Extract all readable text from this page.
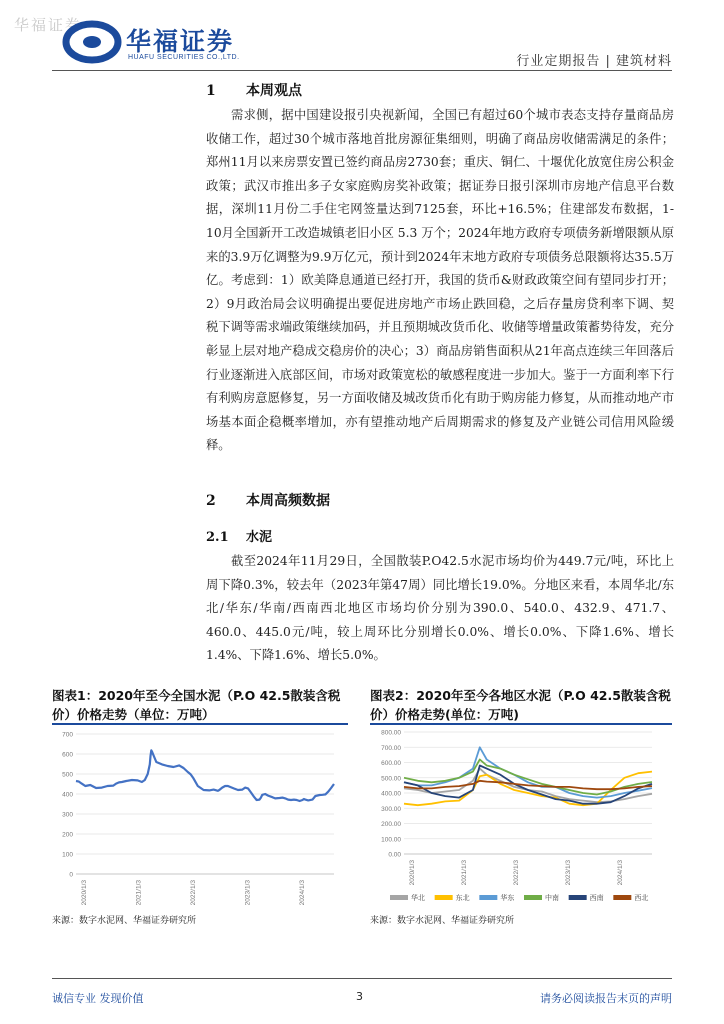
华福证券
华福证券
HUAFU SECURITIES CO.,LTD.	行业定期报告 | 建筑材料
1 本周观点
需求侧，据中国建设报引央视新闻，全国已有超过60个城市表态支持存量商品房收储工作，超过30个城市落地首批房源征集细则，明确了商品房收储需满足的条件；郑州11月以来房票安置已签约商品房2730套；重庆、铜仁、十堰优化放宽住房公积金政策；武汉市推出多子女家庭购房奖补政策；据证券日报引深圳市房地产信息平台数据，深圳11月份二手住宅网签量达到7125套，环比+16.5%；住建部发布数据，1-10月全国新开工改造城镇老旧小区 5.3 万个；2024年地方政府专项债务新增限额从原来的3.9万亿调整为9.9万亿元，预计到2024年末地方政府专项债务总限额将达35.5万亿。考虑到：1）欧美降息通道已经打开，我国的货币&财政政策空间有望同步打开；2）9月政治局会议明确提出要促进房地产市场止跌回稳，之后存量房贷利率下调、契税下调等需求端政策继续加码，并且预期城改货币化、收储等增量政策蓄势待发，充分彰显上层对地产稳成交稳房价的决心；3）商品房销售面积从21年高点连续三年回落后行业逐渐进入底部区间，市场对政策宽松的敏感程度进一步加大。鉴于一方面利率下行有利购房意愿修复，另一方面收储及城改货币化有助于购房能力修复，从而推动地产市场基本面企稳概率增加，亦有望推动地产后周期需求的修复及产业链公司信用风险缓释。
2 本周高频数据
2.1 水泥
截至2024年11月29日，全国散装P.O42.5水泥市场均价为449.7元/吨，环比上周下降0.3%，较去年（2023年第47周）同比增长19.0%。分地区来看，本周华北/东北/华东/华南/西南西北地区市场均价分别为390.0、540.0、432.9、471.7、460.0、445.0元/吨，较上周环比分别增长0.0%、增长0.0%、下降1.6%、增长1.4%、下降1.6%、增长5.0%。
图表1：2020年至今全国水泥（P.O 42.5散装含税价）价格走势（单位：万吨）
0
100
200
300
400
500
600
700
2020/1/3	2021/1/3	2022/1/3	2023/1/3	2024/1/3
来源：数字水泥网、华福证券研究所
图表2：2020年至今各地区水泥（P.O 42.5散装含税价）价格走势(单位：万吨)
0.00
100.00
200.00
300.00
400.00
500.00
600.00
700.00
800.00
2020/1/3	2021/1/3	2022/1/3	2023/1/3	2024/1/3
华北	东北	华东	中南	西南	西北
来源：数字水泥网、华福证券研究所
诚信专业 发现价值	3	请务必阅读报告末页的声明
